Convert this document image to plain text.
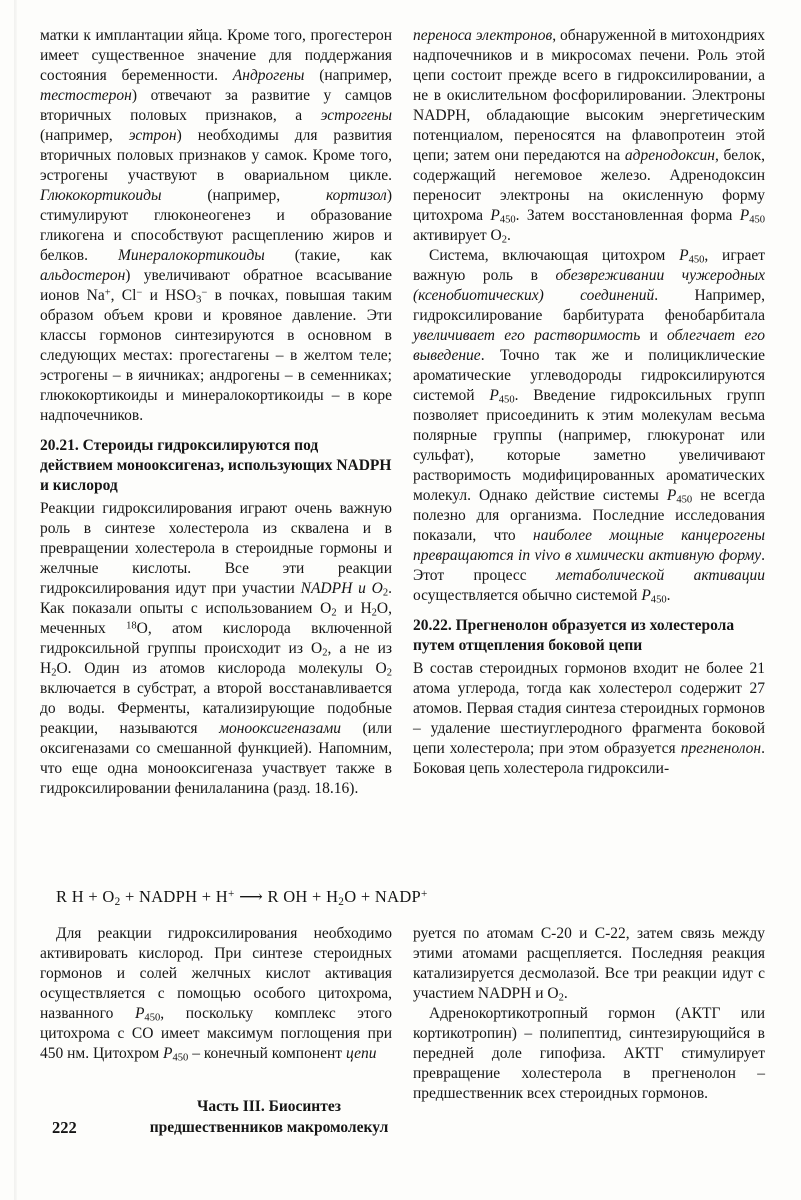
матки к имплантации яйца. Кроме того, прогестерон имеет существенное значение для поддержания состояния беременности. Андрогены (например, тестостерон) отвечают за развитие у самцов вторичных половых признаков, а эстрогены (например, эстрон) необходимы для развития вторичных половых признаков у самок. Кроме того, эстрогены участвуют в овариальном цикле. Глюкокортикоиды (например, кортизол) стимулируют глюконеогенез и образование гликогена и способствуют расщеплению жиров и белков. Минералокортикоиды (такие, как альдостерон) увеличивают обратное всасывание ионов Na+, Cl− и $HSO_3^-$ в почках, повышая таким образом объем крови и кровяное давление. Эти классы гормонов синтезируются в основном в следующих местах: прогестагены – в желтом теле; эстрогены – в яичниках; андрогены – в семенниках; глюкокортикоиды и минералокортикоиды – в коре надпочечников.

20.21. Стероиды гидроксилируются под действием монооксигеназ, использующих NADPH и кислород

Реакции гидроксилирования играют очень важную роль в синтезе холестерола из сквалена и в превращении холестерола в стероидные гормоны и желчные кислоты. Все эти реакции гидроксилирования идут при участии NADPH и $O_2$. Как показали опыты с использованием $O_2$ и $H_2O$, меченных $^{18}$O, атом кислорода включенной гидроксильной группы происходит из $O_2$, а не из $H_2O$. Один из атомов кислорода молекулы $O_2$ включается в субстрат, а второй восстанавливается до воды. Ферменты, катализирующие подобные реакции, называются монооксигеназами (или оксигеназами со смешанной функцией). Напомним, что еще одна монооксигеназа участвует также в гидроксилировании фенилаланина (разд. 18.16).

переноса электронов, обнаруженной в митохондриях надпочечников и в микросомах печени. Роль этой цепи состоит прежде всего в гидроксилировании, а не в окислительном фосфорилировании. Электроны NADPH, обладающие высоким энергетическим потенциалом, переносятся на флавопротеин этой цепи; затем они передаются на адренодоксин, белок, содержащий негемовое железо. Адренодоксин переносит электроны на окисленную форму цитохрома $P_{450}$. Затем восстановленная форма $P_{450}$ активирует $O_2$.

Система, включающая цитохром $P_{450}$, играет важную роль в обезвреживании чужеродных (ксенобиотических) соединений. Например, гидроксилирование барбитурата фенобарбитала увеличивает его растворимость и облегчает его выведение. Точно так же и полициклические ароматические углеводороды гидроксилируются системой $P_{450}$. Введение гидроксильных групп позволяет присоединить к этим молекулам весьма полярные группы (например, глюкуронат или сульфат), которые заметно увеличивают растворимость модифицированных ароматических молекул. Однако действие системы $P_{450}$ не всегда полезно для организма. Последние исследования показали, что наиболее мощные канцерогены превращаются in vivo в химически активную форму. Этот процесс метаболической активации осуществляется обычно системой $P_{450}$.

20.22. Прегненолон образуется из холестерола путем отщепления боковой цепи

В состав стероидных гормонов входит не более 21 атома углерода, тогда как холестерол содержит 27 атомов. Первая стадия синтеза стероидных гормонов – удаление шестиуглеродного фрагмента боковой цепи холестерола; при этом образуется прегненолон. Боковая цепь холестерола гидроксили-

R $H + O_2$ + NADPH + H+ ⟶ R OH + $H_2O$ + NADP+

Для реакции гидроксилирования необходимо активировать кислород. При синтезе стероидных гормонов и солей желчных кислот активация осуществляется с помощью особого цитохрома, названного $P_{450}$, поскольку комплекс этого цитохрома с CO имеет максимум поглощения при 450 нм. Цитохром $P_{450}$ – конечный компонент цепи

руется по атомам C-20 и C-22, затем связь между этими атомами расщепляется. Последняя реакция катализируется десмолазой. Все три реакции идут с участием NADPH и $O_2$.

Адренокортикотропный гормон (АКТГ или кортикотропин) – полипептид, синтезирующийся в передней доле гипофиза. АКТГ стимулирует превращение холестерола в прегненолон – предшественник всех стероидных гормонов.

222
Часть III. Биосинтез
предшественников макромолекул
